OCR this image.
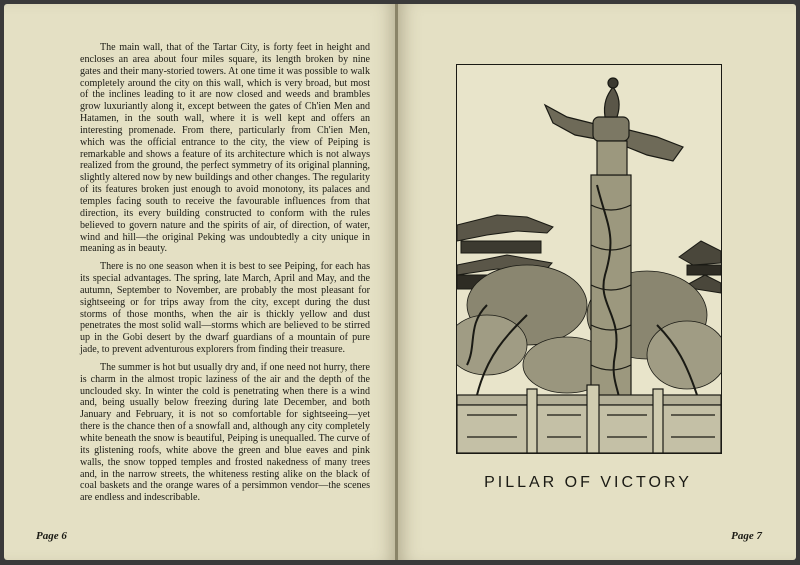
The main wall, that of the Tartar City, is forty feet in height and encloses an area about four miles square, its length broken by nine gates and their many-storied towers. At one time it was possible to walk completely around the city on this wall, which is very broad, but most of the inclines leading to it are now closed and weeds and brambles grow luxuriantly along it, except between the gates of Ch'ien Men and Hatamen, in the south wall, where it is well kept and offers an interesting promenade. From there, particularly from Ch'ien Men, which was the official entrance to the city, the view of Peiping is remarkable and shows a feature of its architecture which is not always realized from the ground, the perfect symmetry of its original planning, slightly altered now by new buildings and other changes. The regularity of its features broken just enough to avoid monotony, its palaces and temples facing south to receive the favourable influences from that direction, its every building constructed to conform with the rules believed to govern nature and the spirits of air, of direction, of water, wind and hill—the original Peking was undoubtedly a city unique in meaning as in beauty.

There is no one season when it is best to see Peiping, for each has its special advantages. The spring, late March, April and May, and the autumn, September to November, are probably the most pleasant for sightseeing or for trips away from the city, except during the dust storms of those months, when the air is thickly yellow and dust penetrates the most solid wall—storms which are believed to be stirred up in the Gobi desert by the dwarf guardians of a mountain of pure jade, to prevent adventurous explorers from finding their treasure.

The summer is hot but usually dry and, if one need not hurry, there is charm in the almost tropic laziness of the air and the depth of the unclouded sky. In winter the cold is penetrating when there is a wind and, being usually below freezing during late December, and both January and February, it is not so comfortable for sightseeing—yet there is the chance then of a snowfall and, although any city completely white beneath the snow is beautiful, Peiping is unequalled. The curve of its glistening roofs, white above the green and blue eaves and pink walls, the snow topped temples and frosted nakedness of many trees and, in the narrow streets, the whiteness resting alike on the black of coal baskets and the orange wares of a persimmon vendor—the scenes are endless and indescribable.

Page 6	Page 7
PILLAR OF VICTORY
